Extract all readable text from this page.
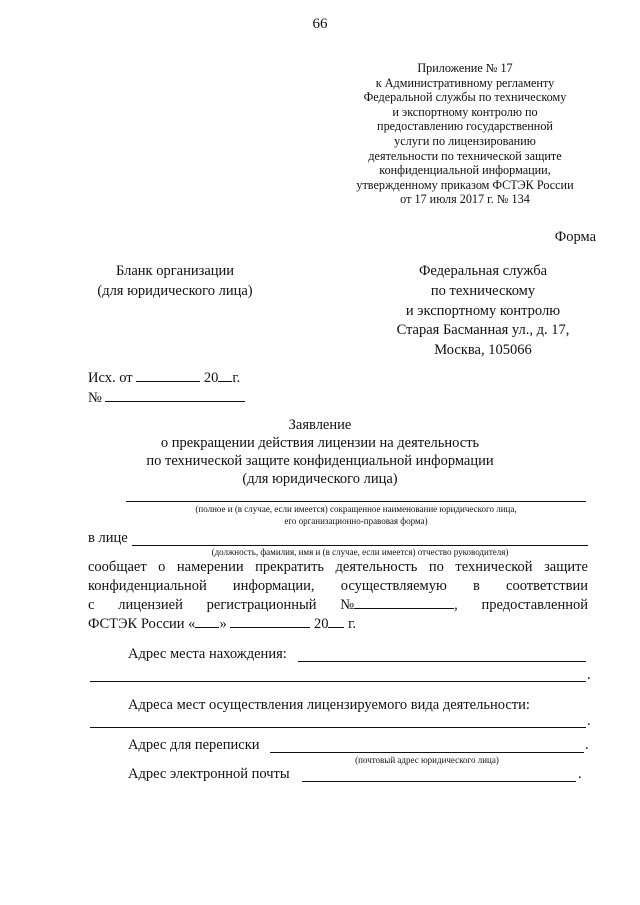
66
Приложение № 17
к Административному регламенту
Федеральной службы по техническому
и экспортному контролю по
предоставлению государственной
услуги по лицензированию
деятельности по технической защите
конфиденциальной информации,
утвержденному приказом ФСТЭК России
от 17 июля 2017 г. № 134
Форма
Бланк организации
(для юридического лица)
Федеральная служба
по техническому
и экспортному контролю
Старая Басманная ул., д. 17,
Москва, 105066
Исх. от	20 г.
№
Заявление
о прекращении действия лицензии на деятельность
по технической защите конфиденциальной информации
(для юридического лица)
(полное и (в случае, если имеется) сокращенное наименование юридического лица,
его организационно-правовая форма)
в лице
(должность, фамилия, имя и (в случае, если имеется) отчество руководителя)
сообщает о намерении прекратить деятельность по технической защите
конфиденциальной информации, осуществляемую в соответствии
с лицензией регистрационный №	, предоставленной
ФСТЭК России « »	20 г.
Адрес места нахождения:
.
Адреса мест осуществления лицензируемого вида деятельности:
.
Адрес для переписки	.
(почтовый адрес юридического лица)
Адрес электронной почты	.
